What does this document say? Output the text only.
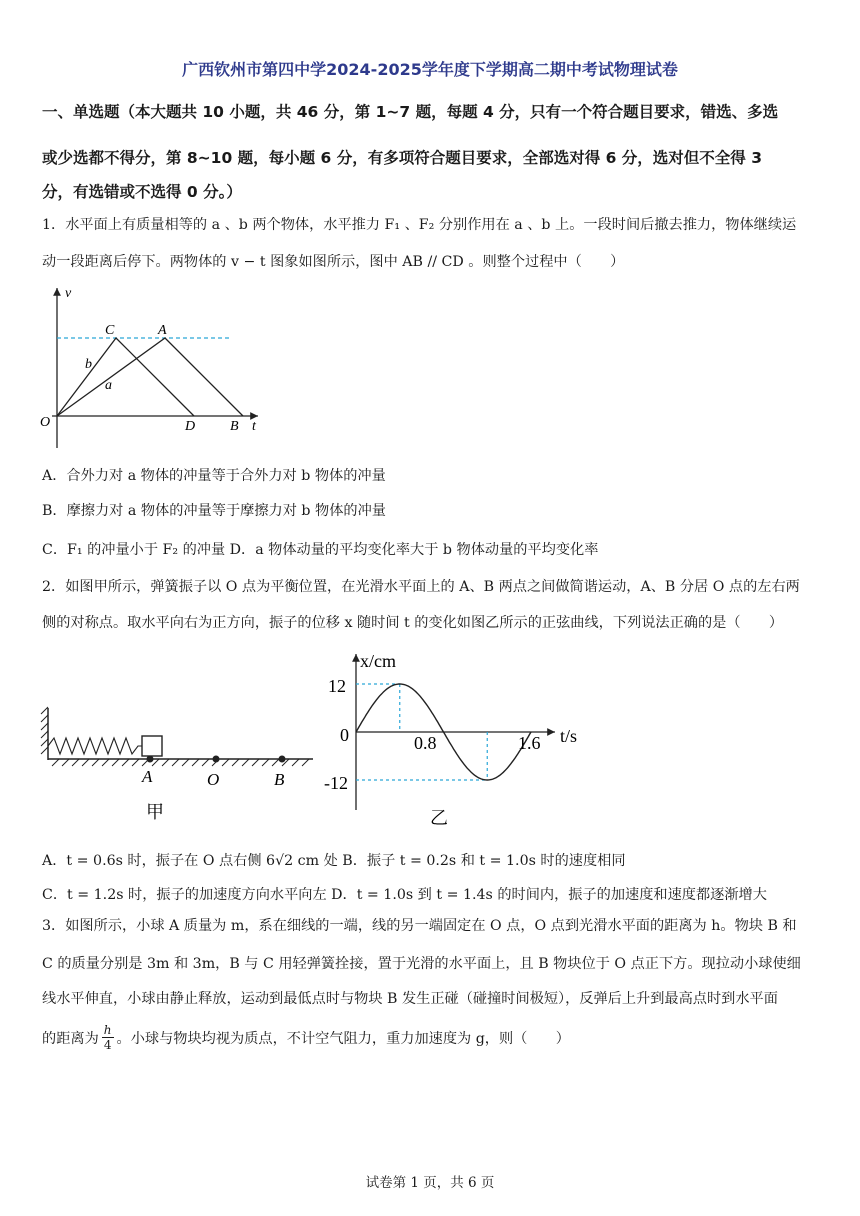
广西钦州市第四中学2024-2025学年度下学期高二期中考试物理试卷
一、单选题（本大题共 10 小题，共 46 分，第 1~7 题，每题 4 分，只有一个符合题目要求，错选、多选
或少选都不得分，第 8~10 题，每小题 6 分，有多项符合题目要求，全部选对得 6 分，选对但不全得 3
分，有选错或不选得 0 分。）
1．水平面上有质量相等的 a 、b 两个物体，水平推力 F₁ 、F₂ 分别作用在 a 、b 上。一段时间后撤去推力，物体继续运
动一段距离后停下。两物体的 v − t 图象如图所示，图中 AB // CD 。则整个过程中（　　）
v
t
O
C	A
D B
b
a
A．合外力对 a 物体的冲量等于合外力对 b 物体的冲量
B．摩擦力对 a 物体的冲量等于摩擦力对 b 物体的冲量
C．F₁ 的冲量小于 F₂ 的冲量 D．a 物体动量的平均变化率大于 b 物体动量的平均变化率
2．如图甲所示，弹簧振子以 O 点为平衡位置，在光滑水平面上的 A、B 两点之间做简谐运动，A、B 分居 O 点的左右两
侧的对称点。取水平向右为正方向，振子的位移 x 随时间 t 的变化如图乙所示的正弦曲线，下列说法正确的是（　　）
A	O	B
甲
x/cm
t/s
12
0
-12
0.8	1.6
乙
A．t = 0.6s 时，振子在 O 点右侧 6√2 cm 处 B．振子 t = 0.2s 和 t = 1.0s 时的速度相同
C．t = 1.2s 时，振子的加速度方向水平向左 D．t = 1.0s 到 t = 1.4s 的时间内，振子的加速度和速度都逐渐增大
3．如图所示，小球 A 质量为 m，系在细线的一端，线的另一端固定在 O 点，O 点到光滑水平面的距离为 h。物块 B 和
C 的质量分别是 3m 和 3m，B 与 C 用轻弹簧拴接，置于光滑的水平面上，且 B 物块位于 O 点正下方。现拉动小球使细
线水平伸直，小球由静止释放，运动到最低点时与物块 B 发生正碰（碰撞时间极短），反弹后上升到最高点时到水平面
的距离为 $\frac{h}{4}$ 。小球与物块均视为质点，不计空气阻力，重力加速度为 g，则（　　）
试卷第 1 页，共 6 页
